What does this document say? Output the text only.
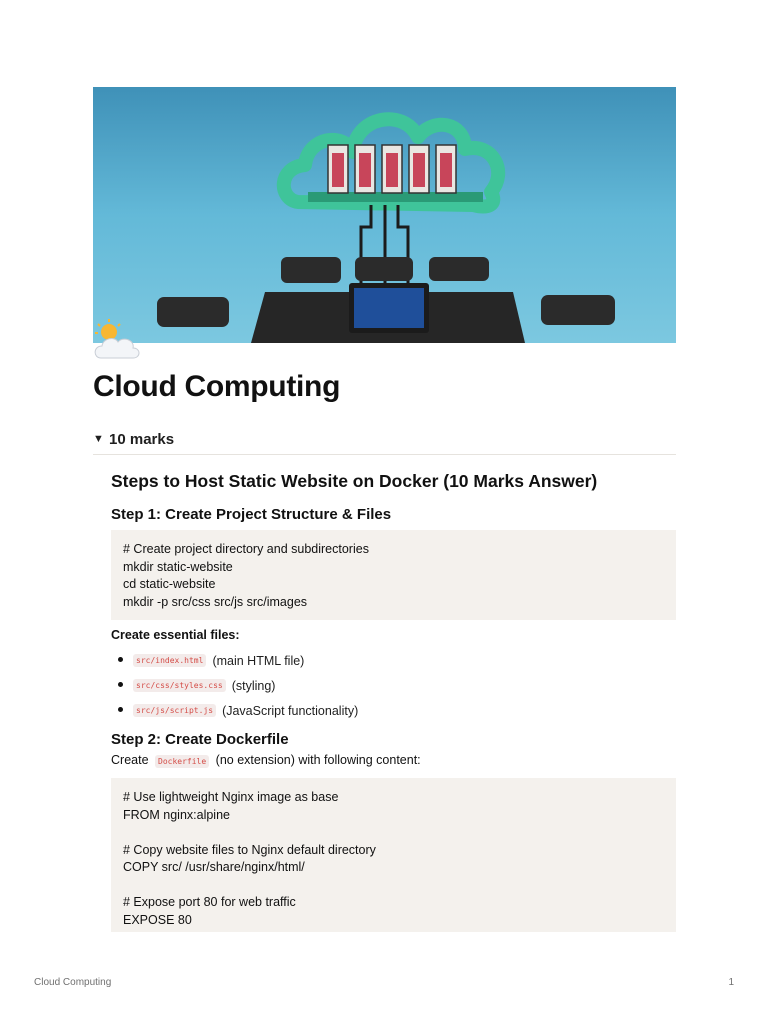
Cloud Computing
▼ 10 marks
Steps to Host Static Website on Docker (10 Marks Answer)
Step 1: Create Project Structure & Files
# Create project directory and subdirectories
mkdir static-website
cd static-website
mkdir -p src/css src/js src/images
Create essential files:
src/index.html (main HTML file)
src/css/styles.css (styling)
src/js/script.js (JavaScript functionality)
Step 2: Create Dockerfile
Create Dockerfile (no extension) with following content:
# Use lightweight Nginx image as base
FROM nginx:alpine
# Copy website files to Nginx default directory
COPY src/ /usr/share/nginx/html/
# Expose port 80 for web traffic
EXPOSE 80
Cloud Computing	1
